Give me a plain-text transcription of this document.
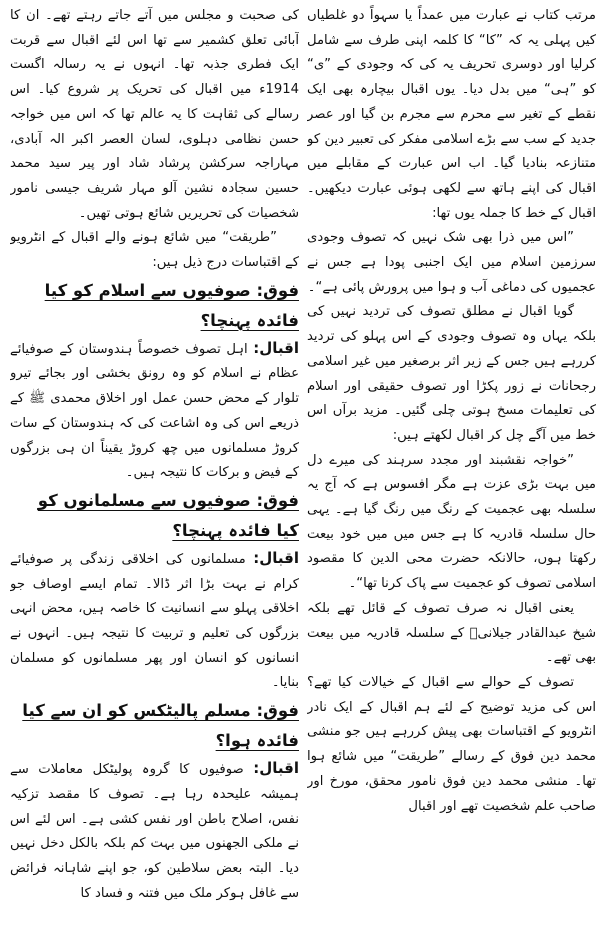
مرتب کتاب نے عبارت میں عمداً یا سہواً دو غلطیاں کیں پہلی یہ کہ ”کا“ کا کلمہ اپنی طرف سے شامل کرلیا اور دوسری تحریف یہ کی کہ وجودی کے ”ی“ کو ”ہی“ میں بدل دیا۔ یوں اقبال بیچارہ بھی ایک نقطے کے تغیر سے محرم سے مجرم بن گیا اور عصر جدید کے سب سے بڑے اسلامی مفکر کی تعبیر دین کو متنازعہ بنادیا گیا۔ اب اس عبارت کے مقابلے میں اقبال کی اپنے ہاتھ سے لکھی ہوئی عبارت دیکھیں۔ اقبال کے خط کا جملہ یوں تھا:

”اس میں ذرا بھی شک نہیں کہ تصوف وجودی سرزمین اسلام میں ایک اجنبی پودا ہے جس نے عجمیوں کی دماغی آب و ہوا میں پرورش پائی ہے“۔

گویا اقبال نے مطلق تصوف کی تردید نہیں کی بلکہ یہاں وہ تصوف وجودی کے اس پہلو کی تردید کررہے ہیں جس کے زیر اثر برصغیر میں غیر اسلامی رجحانات نے زور پکڑا اور تصوف حقیقی اور اسلام کی تعلیمات مسخ ہوتی چلی گئیں۔ مزید برآں اس خط میں آگے چل کر اقبال لکھتے ہیں:

”خواجہ نقشبند اور مجدد سرہند کی میرے دل میں بہت بڑی عزت ہے مگر افسوس ہے کہ آج یہ سلسلہ بھی عجمیت کے رنگ میں رنگ گیا ہے۔ یہی حال سلسلہ قادریہ کا ہے جس میں میں خود بیعت رکھتا ہوں، حالانکہ حضرت محی الدین کا مقصود اسلامی تصوف کو عجمیت سے پاک کرنا تھا“۔

یعنی اقبال نہ صرف تصوف کے قائل تھے بلکہ شیخ عبدالقادر جیلانیؒ کے سلسلہ قادریہ میں بیعت بھی تھے۔

تصوف کے حوالے سے اقبال کے خیالات کیا تھے؟ اس کی مزید توضیح کے لئے ہم اقبال کے ایک نادر انٹرویو کے اقتباسات بھی پیش کررہے ہیں جو منشی محمد دین فوق کے رسالے ”طریقت“ میں شائع ہوا تھا۔ منشی محمد دین فوق نامور محقق، مورخ اور صاحب علم شخصیت تھے اور اقبال

کی صحبت و مجلس میں آتے جاتے رہتے تھے۔ ان کا آبائی تعلق کشمیر سے تھا اس لئے اقبال سے قربت ایک فطری جذبہ تھا۔ انہوں نے یہ رسالہ اگست 1914ء میں اقبال کی تحریک پر شروع کیا۔ اس رسالے کی ثقاہت کا یہ عالم تھا کہ اس میں خواجہ حسن نظامی دہلوی، لسان العصر اکبر الہ آبادی، مہاراجہ سرکشن پرشاد شاد اور پیر سید محمد حسین سجادہ نشین آلو مہار شریف جیسی نامور شخصیات کی تحریریں شائع ہوتی تھیں۔

”طریقت“ میں شائع ہونے والے اقبال کے انٹرویو کے اقتباسات درج ذیل ہیں:

فوق: صوفیوں سے اسلام کو کیا فائدہ پہنچا؟

اقبال: اہل تصوف خصوصاً ہندوستان کے صوفیائے عظام نے اسلام کو وہ رونق بخشی اور بجائے تیرو تلوار کے محض حسن عمل اور اخلاق محمدی ﷺ کے ذریعے اس کی وہ اشاعت کی کہ ہندوستان کے سات کروڑ مسلمانوں میں چھ کروڑ یقیناً ان ہی بزرگوں کے فیض و برکات کا نتیجہ ہیں۔

فوق: صوفیوں سے مسلمانوں کو کیا فائدہ پہنچا؟

اقبال: مسلمانوں کی اخلاقی زندگی پر صوفیائے کرام نے بہت بڑا اثر ڈالا۔ تمام ایسے اوصاف جو اخلاقی پہلو سے انسانیت کا خاصہ ہیں، محض انہی بزرگوں کی تعلیم و تربیت کا نتیجہ ہیں۔ انہوں نے انسانوں کو انسان اور پھر مسلمانوں کو مسلمان بنایا۔

فوق: مسلم پالیٹکس کو ان سے کیا فائدہ ہوا؟

اقبال: صوفیوں کا گروہ پولیٹکل معاملات سے ہمیشہ علیحدہ رہا ہے۔ تصوف کا مقصد تزکیہ نفس، اصلاح باطن اور نفس کشی ہے۔ اس لئے اس نے ملکی الجھنوں میں بہت کم بلکہ بالکل دخل نہیں دیا۔ البتہ بعض سلاطین کو، جو اپنے شاہانہ فرائض سے غافل ہوکر ملک میں فتنہ و فساد کا
